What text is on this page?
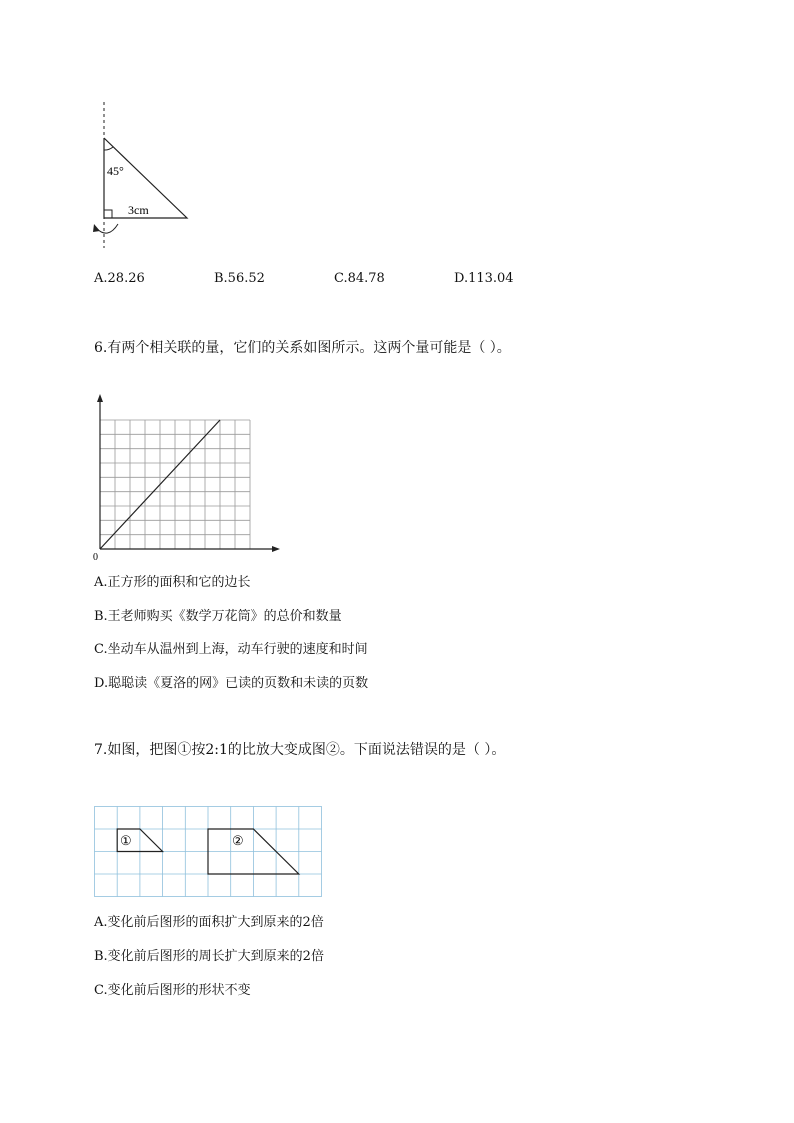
45°
3cm
A.28.26	B.56.52	C.84.78	D.113.04
6.有两个相关联的量，它们的关系如图所示。这两个量可能是（ ）。
0
A.正方形的面积和它的边长
B.王老师购买《数学万花筒》的总价和数量
C.坐动车从温州到上海，动车行驶的速度和时间
D.聪聪读《夏洛的网》已读的页数和未读的页数
7.如图，把图①按2:1的比放大变成图②。下面说法错误的是（ ）。
①	②
A.变化前后图形的面积扩大到原来的2倍
B.变化前后图形的周长扩大到原来的2倍
C.变化前后图形的形状不变
